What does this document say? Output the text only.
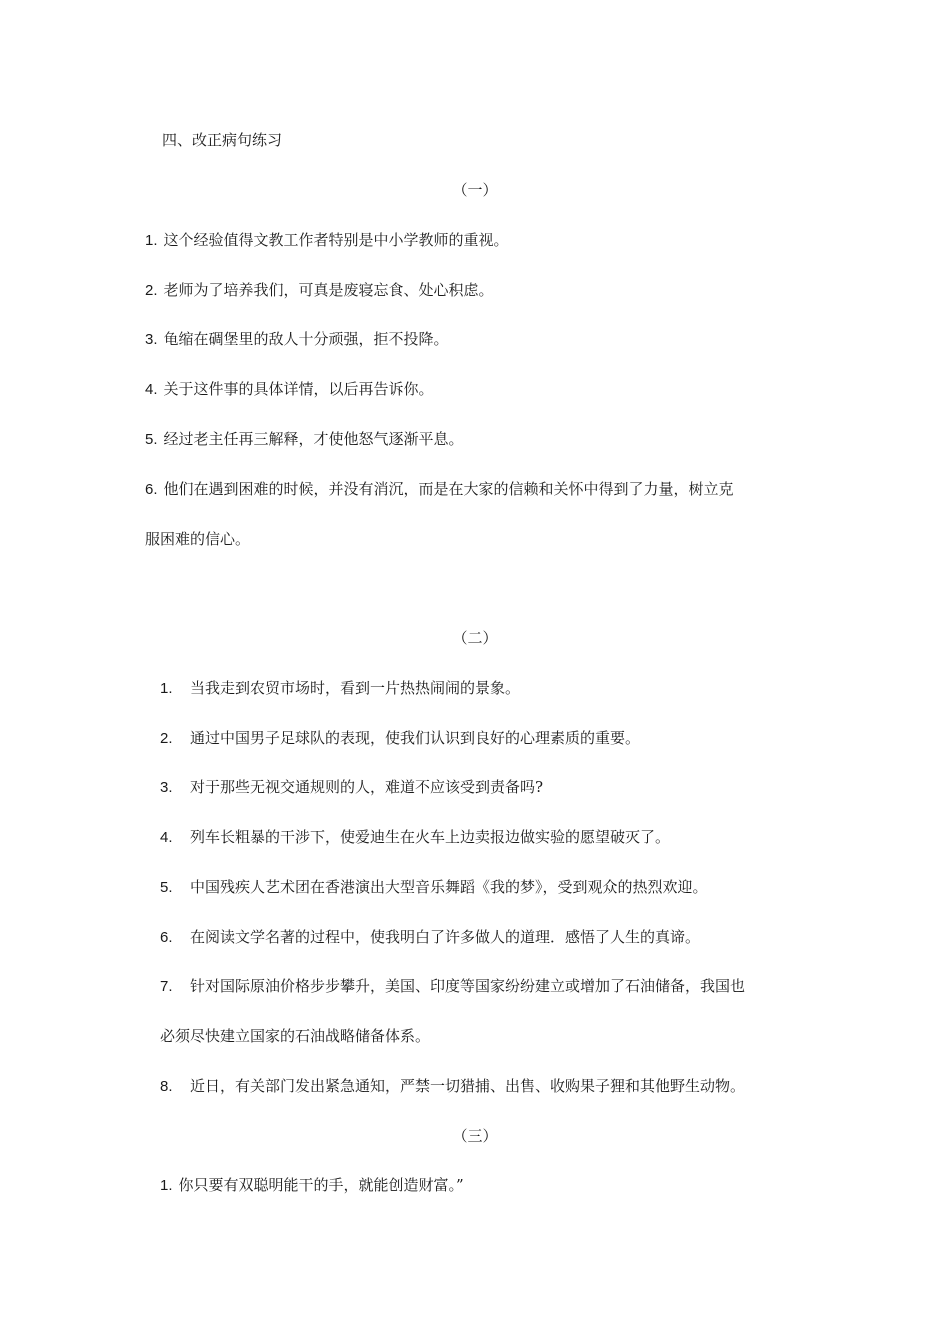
四、改正病句练习
（一）
1. 这个经验值得文教工作者特别是中小学教师的重视。
2. 老师为了培养我们，可真是废寝忘食、处心积虑。
3. 龟缩在碉堡里的敌人十分顽强，拒不投降。
4. 关于这件事的具体详情，以后再告诉你。
5. 经过老主任再三解释，才使他怒气逐渐平息。
6. 他们在遇到困难的时候，并没有消沉，而是在大家的信赖和关怀中得到了力量，树立克
服困难的信心。
（二）
1. 当我走到农贸市场时，看到一片热热闹闹的景象。
2. 通过中国男子足球队的表现，使我们认识到良好的心理素质的重要。
3. 对于那些无视交通规则的人，难道不应该受到责备吗?
4. 列车长粗暴的干涉下，使爱迪生在火车上边卖报边做实验的愿望破灭了。
5. 中国残疾人艺术团在香港演出大型音乐舞蹈《我的梦》，受到观众的热烈欢迎。
6. 在阅读文学名著的过程中，使我明白了许多做人的道理．感悟了人生的真谛。
7. 针对国际原油价格步步攀升，美国、印度等国家纷纷建立或增加了石油储备，我国也
必须尽快建立国家的石油战略储备体系。
8. 近日，有关部门发出紧急通知，严禁一切猎捕、出售、收购果子狸和其他野生动物。
（三）
1. 你只要有双聪明能干的手，就能创造财富。”
